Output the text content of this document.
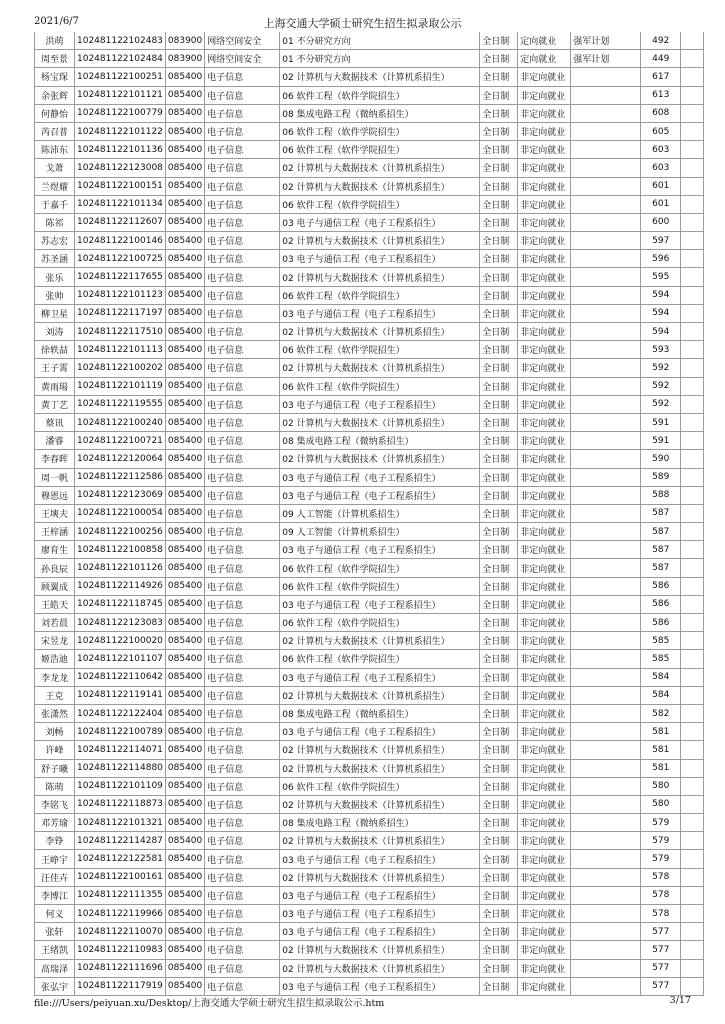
2021/6/7	上海交通大学硕士研究生招生拟录取公示
洪萌	102481122102483	083900	网络空间安全	01 不分研究方向	全日制	定向就业	强军计划	492	
周至景	102481122102484	083900	网络空间安全	01 不分研究方向	全日制	定向就业	强军计划	449	
杨宝琛	102481122100251	085400	电子信息	02 计算机与大数据技术（计算机系招生）	全日制	非定向就业		617	
余张辉	102481122101121	085400	电子信息	06 软件工程（软件学院招生）	全日制	非定向就业		613	
何静怡	102481122100779	085400	电子信息	08 集成电路工程（微纳系招生）	全日制	非定向就业		608	
芮召普	102481122101122	085400	电子信息	06 软件工程（软件学院招生）	全日制	非定向就业		605	
陈沛东	102481122101136	085400	电子信息	06 软件工程（软件学院招生）	全日制	非定向就业		603	
戈萧	102481122123008	085400	电子信息	02 计算机与大数据技术（计算机系招生）	全日制	非定向就业		603	
兰煜耀	102481122100151	085400	电子信息	02 计算机与大数据技术（计算机系招生）	全日制	非定向就业		601	
于嘉千	102481122101134	085400	电子信息	06 软件工程（软件学院招生）	全日制	非定向就业		601	
陈祁	102481122112607	085400	电子信息	03 电子与通信工程（电子工程系招生）	全日制	非定向就业		600	
苏志宏	102481122100146	085400	电子信息	02 计算机与大数据技术（计算机系招生）	全日制	非定向就业		597	
苏圣涵	102481122100725	085400	电子信息	03 电子与通信工程（电子工程系招生）	全日制	非定向就业		596	
张乐	102481122117655	085400	电子信息	02 计算机与大数据技术（计算机系招生）	全日制	非定向就业		595	
张帅	102481122101123	085400	电子信息	06 软件工程（软件学院招生）	全日制	非定向就业		594	
柳卫星	102481122117197	085400	电子信息	03 电子与通信工程（电子工程系招生）	全日制	非定向就业		594	
刘涛	102481122117510	085400	电子信息	02 计算机与大数据技术（计算机系招生）	全日制	非定向就业		594	
徐轶喆	102481122101113	085400	电子信息	06 软件工程（软件学院招生）	全日制	非定向就业		593	
王子霄	102481122100202	085400	电子信息	02 计算机与大数据技术（计算机系招生）	全日制	非定向就业		592	
黄雨瑒	102481122101119	085400	电子信息	06 软件工程（软件学院招生）	全日制	非定向就业		592	
黄丁艺	102481122119555	085400	电子信息	03 电子与通信工程（电子工程系招生）	全日制	非定向就业		592	
蔡讯	102481122100240	085400	电子信息	02 计算机与大数据技术（计算机系招生）	全日制	非定向就业		591	
潘睿	102481122100721	085400	电子信息	08 集成电路工程（微纳系招生）	全日制	非定向就业		591	
李春晖	102481122120064	085400	电子信息	02 计算机与大数据技术（计算机系招生）	全日制	非定向就业		590	
周一帆	102481122112586	085400	电子信息	03 电子与通信工程（电子工程系招生）	全日制	非定向就业		589	
穆恩远	102481122123069	085400	电子信息	03 电子与通信工程（电子工程系招生）	全日制	非定向就业		588	
王塽夫	102481122100054	085400	电子信息	09 人工智能（计算机系招生）	全日制	非定向就业		587	
王梓涵	102481122100256	085400	电子信息	09 人工智能（计算机系招生）	全日制	非定向就业		587	
廖育生	102481122100858	085400	电子信息	03 电子与通信工程（电子工程系招生）	全日制	非定向就业		587	
孙良辰	102481122101126	085400	电子信息	06 软件工程（软件学院招生）	全日制	非定向就业		587	
顾翼成	102481122114926	085400	电子信息	06 软件工程（软件学院招生）	全日制	非定向就业		586	
王皓天	102481122118745	085400	电子信息	03 电子与通信工程（电子工程系招生）	全日制	非定向就业		586	
刘若晨	102481122123083	085400	电子信息	06 软件工程（软件学院招生）	全日制	非定向就业		586	
宋昱龙	102481122100020	085400	电子信息	02 计算机与大数据技术（计算机系招生）	全日制	非定向就业		585	
姬浩迪	102481122101107	085400	电子信息	06 软件工程（软件学院招生）	全日制	非定向就业		585	
李龙龙	102481122110642	085400	电子信息	03 电子与通信工程（电子工程系招生）	全日制	非定向就业		584	
王克	102481122119141	085400	电子信息	02 计算机与大数据技术（计算机系招生）	全日制	非定向就业		584	
张潇然	102481122122404	085400	电子信息	08 集成电路工程（微纳系招生）	全日制	非定向就业		582	
刘畅	102481122100789	085400	电子信息	03 电子与通信工程（电子工程系招生）	全日制	非定向就业		581	
许峰	102481122114071	085400	电子信息	02 计算机与大数据技术（计算机系招生）	全日制	非定向就业		581	
舒子曦	102481122114880	085400	电子信息	02 计算机与大数据技术（计算机系招生）	全日制	非定向就业		581	
陈萌	102481122101109	085400	电子信息	06 软件工程（软件学院招生）	全日制	非定向就业		580	
李铭飞	102481122118873	085400	电子信息	02 计算机与大数据技术（计算机系招生）	全日制	非定向就业		580	
邓芳瑜	102481122101321	085400	电子信息	08 集成电路工程（微纳系招生）	全日制	非定向就业		579	
李铮	102481122114287	085400	电子信息	02 计算机与大数据技术（计算机系招生）	全日制	非定向就业		579	
王峥宇	102481122122581	085400	电子信息	03 电子与通信工程（电子工程系招生）	全日制	非定向就业		579	
汪佳卉	102481122100161	085400	电子信息	02 计算机与大数据技术（计算机系招生）	全日制	非定向就业		578	
李博江	102481122111355	085400	电子信息	03 电子与通信工程（电子工程系招生）	全日制	非定向就业		578	
何义	102481122119966	085400	电子信息	03 电子与通信工程（电子工程系招生）	全日制	非定向就业		578	
张轩	102481122110070	085400	电子信息	03 电子与通信工程（电子工程系招生）	全日制	非定向就业		577	
王绪凯	102481122110983	085400	电子信息	02 计算机与大数据技术（计算机系招生）	全日制	非定向就业		577	
高瑞泽	102481122111696	085400	电子信息	02 计算机与大数据技术（计算机系招生）	全日制	非定向就业		577	
张弘宇	102481122117919	085400	电子信息	03 电子与通信工程（电子工程系招生）	全日制	非定向就业		577	
file:///Users/peiyuan.xu/Desktop/上海交通大学硕士研究生招生拟录取公示.htm	3/17
